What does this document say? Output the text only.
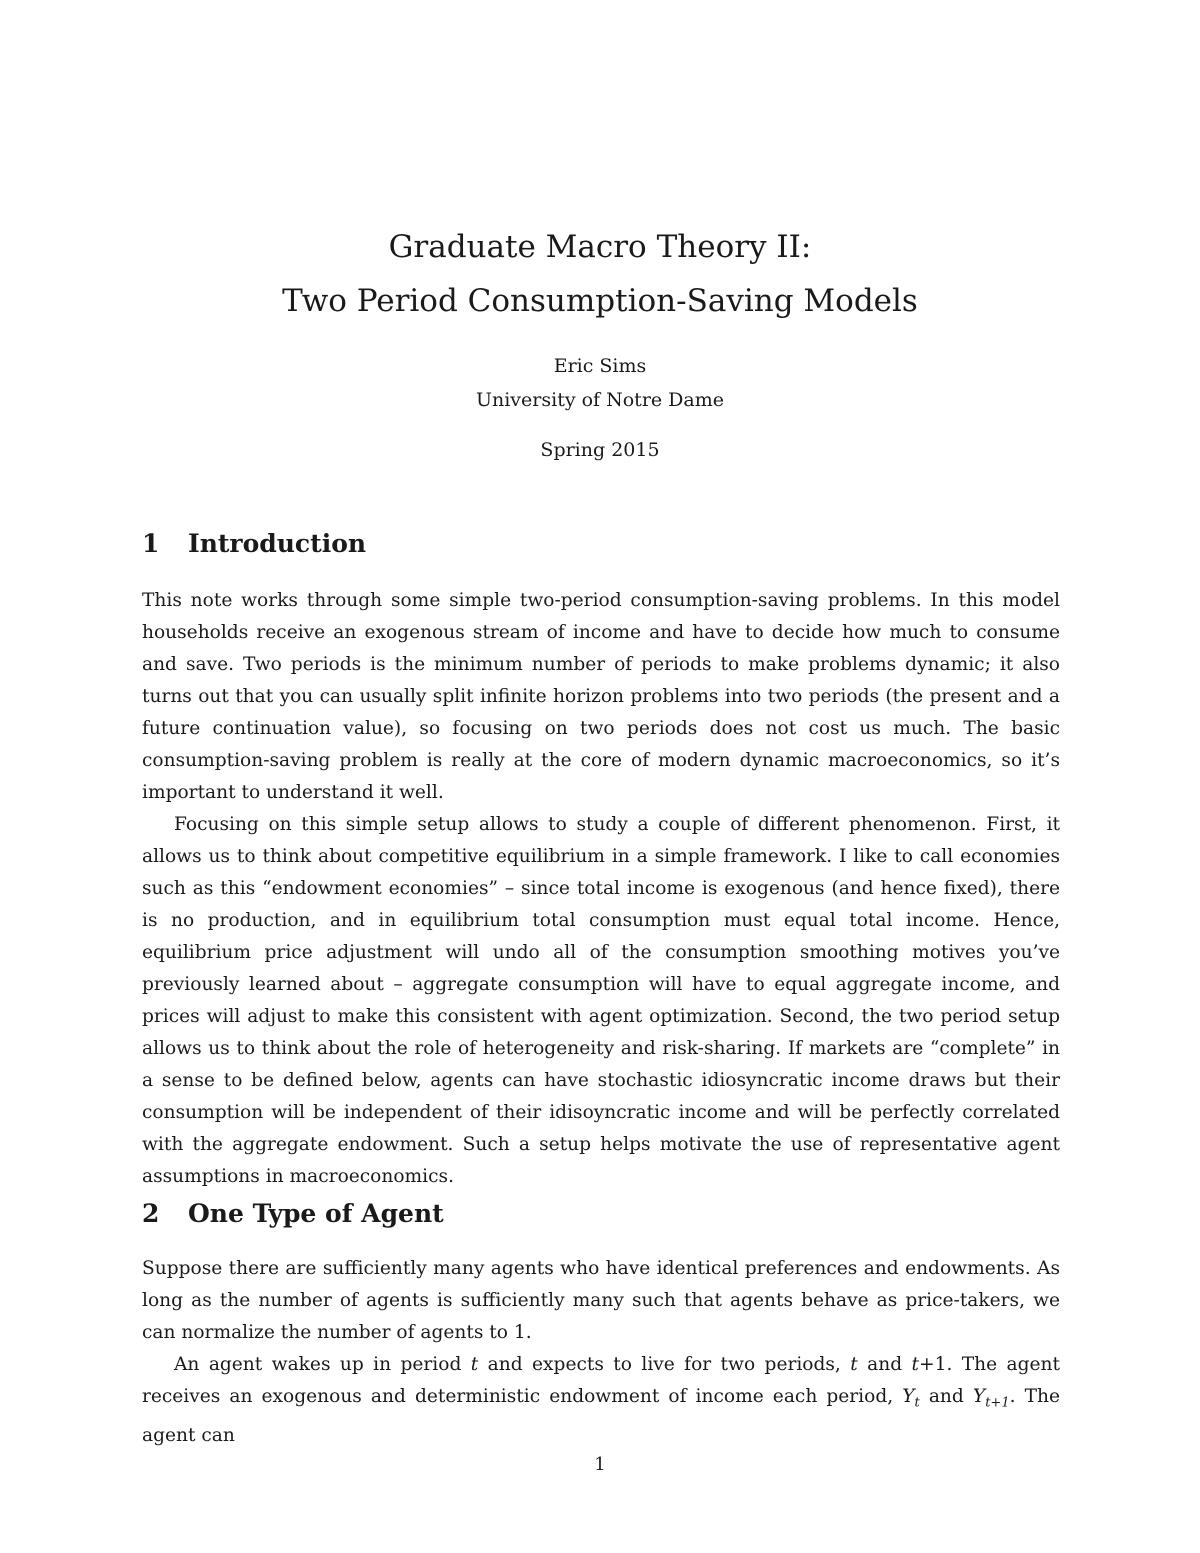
Graduate Macro Theory II:
Two Period Consumption-Saving Models
Eric Sims
University of Notre Dame
Spring 2015
1	Introduction

This note works through some simple two-period consumption-saving problems. In this model households receive an exogenous stream of income and have to decide how much to consume and save. Two periods is the minimum number of periods to make problems dynamic; it also turns out that you can usually split infinite horizon problems into two periods (the present and a future continuation value), so focusing on two periods does not cost us much. The basic consumption-saving problem is really at the core of modern dynamic macroeconomics, so it’s important to understand it well.

Focusing on this simple setup allows to study a couple of different phenomenon. First, it allows us to think about competitive equilibrium in a simple framework. I like to call economies such as this “endowment economies” – since total income is exogenous (and hence fixed), there is no production, and in equilibrium total consumption must equal total income. Hence, equilibrium price adjustment will undo all of the consumption smoothing motives you’ve previously learned about – aggregate consumption will have to equal aggregate income, and prices will adjust to make this consistent with agent optimization. Second, the two period setup allows us to think about the role of heterogeneity and risk-sharing. If markets are “complete” in a sense to be defined below, agents can have stochastic idiosyncratic income draws but their consumption will be independent of their idisoyncratic income and will be perfectly correlated with the aggregate endowment. Such a setup helps motivate the use of representative agent assumptions in macroeconomics.

2	One Type of Agent

Suppose there are sufficiently many agents who have identical preferences and endowments. As long as the number of agents is sufficiently many such that agents behave as price-takers, we can normalize the number of agents to 1.

An agent wakes up in period t and expects to live for two periods, t and t+1. The agent receives an exogenous and deterministic endowment of income each period, $Y_t$ and $Y_{t+1}$. The agent can

1
